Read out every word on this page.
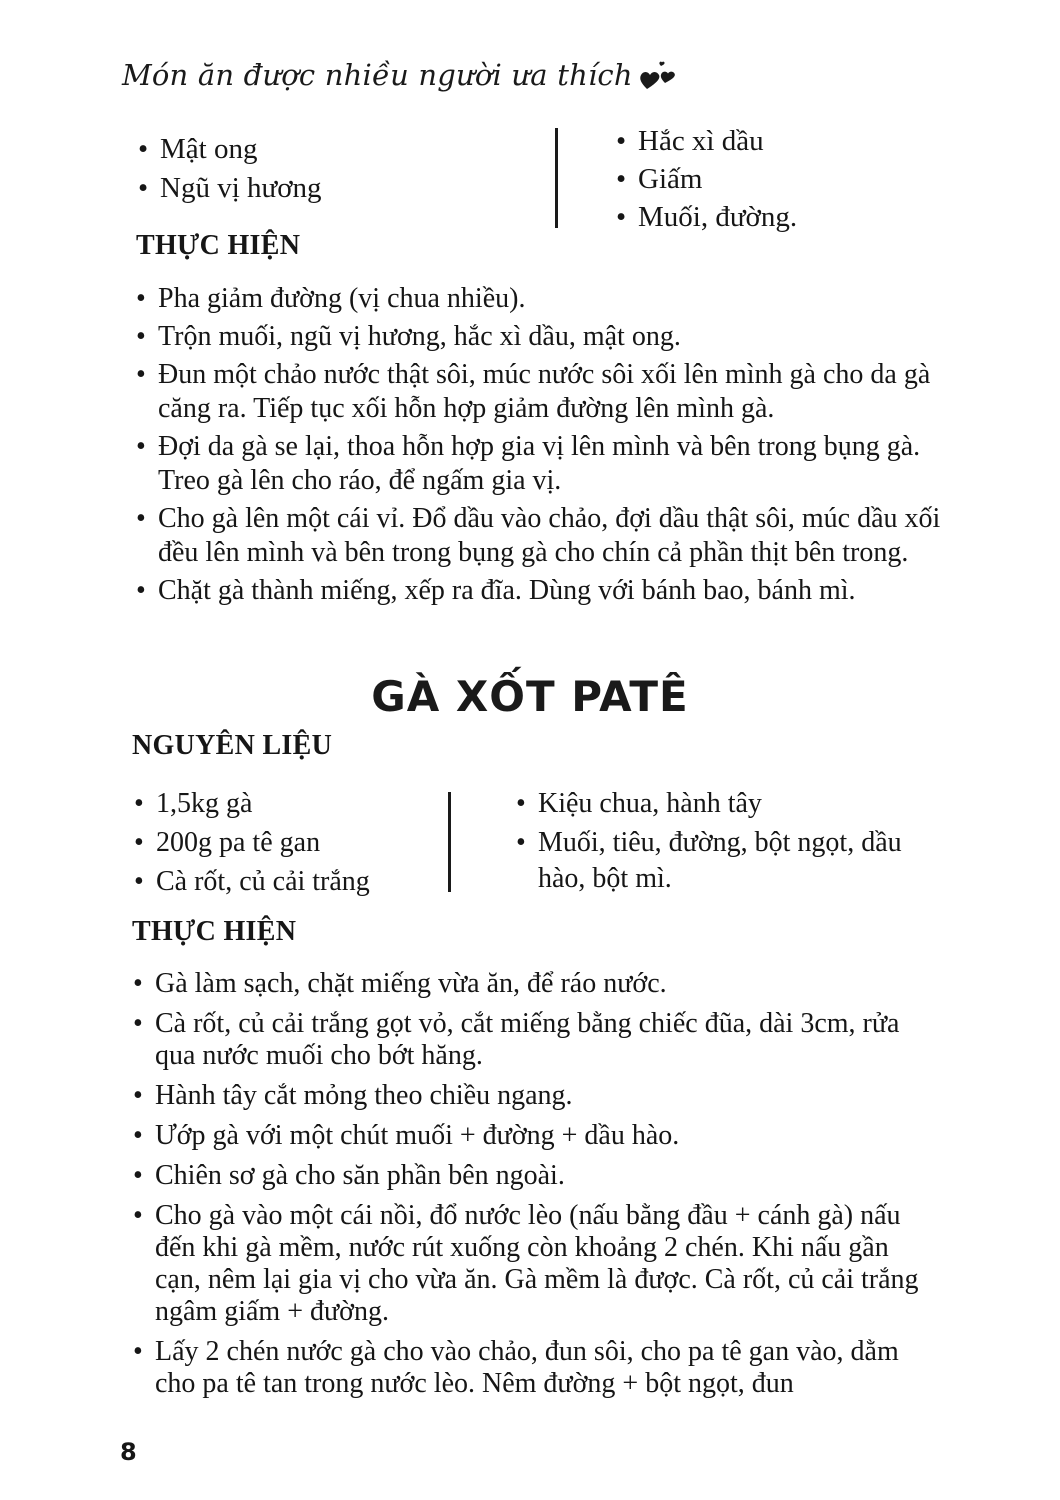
Món ăn được nhiều người ưa thích
• Mật ong
• Ngũ vị hương
• Hắc xì dầu
• Giấm
• Muối, đường.
THỰC HIỆN
• Pha giảm đường (vị chua nhiều).
• Trộn muối, ngũ vị hương, hắc xì dầu, mật ong.
• Đun một chảo nước thật sôi, múc nước sôi xối lên mình gà cho da gà căng ra. Tiếp tục xối hỗn hợp giảm đường lên mình gà.
• Đợi da gà se lại, thoa hỗn hợp gia vị lên mình và bên trong bụng gà. Treo gà lên cho ráo, để ngấm gia vị.
• Cho gà lên một cái vỉ. Đổ dầu vào chảo, đợi dầu thật sôi, múc dầu xối đều lên mình và bên trong bụng gà cho chín cả phần thịt bên trong.
• Chặt gà thành miếng, xếp ra đĩa. Dùng với bánh bao, bánh mì.
GÀ XỐT PATÊ
NGUYÊN LIỆU
• 1,5kg gà
• 200g pa tê gan
• Cà rốt, củ cải trắng
• Kiệu chua, hành tây
• Muối, tiêu, đường, bột ngọt, dầu hào, bột mì.
THỰC HIỆN
• Gà làm sạch, chặt miếng vừa ăn, để ráo nước.
• Cà rốt, củ cải trắng gọt vỏ, cắt miếng bằng chiếc đũa, dài 3cm, rửa qua nước muối cho bớt hăng.
• Hành tây cắt mỏng theo chiều ngang.
• Ướp gà với một chút muối + đường + dầu hào.
• Chiên sơ gà cho săn phần bên ngoài.
• Cho gà vào một cái nồi, đổ nước lèo (nấu bằng đầu + cánh gà) nấu đến khi gà mềm, nước rút xuống còn khoảng 2 chén. Khi nấu gần cạn, nêm lại gia vị cho vừa ăn. Gà mềm là được. Cà rốt, củ cải trắng ngâm giấm + đường.
• Lấy 2 chén nước gà cho vào chảo, đun sôi, cho pa tê gan vào, dằm cho pa tê tan trong nước lèo. Nêm đường + bột ngọt, đun
8
